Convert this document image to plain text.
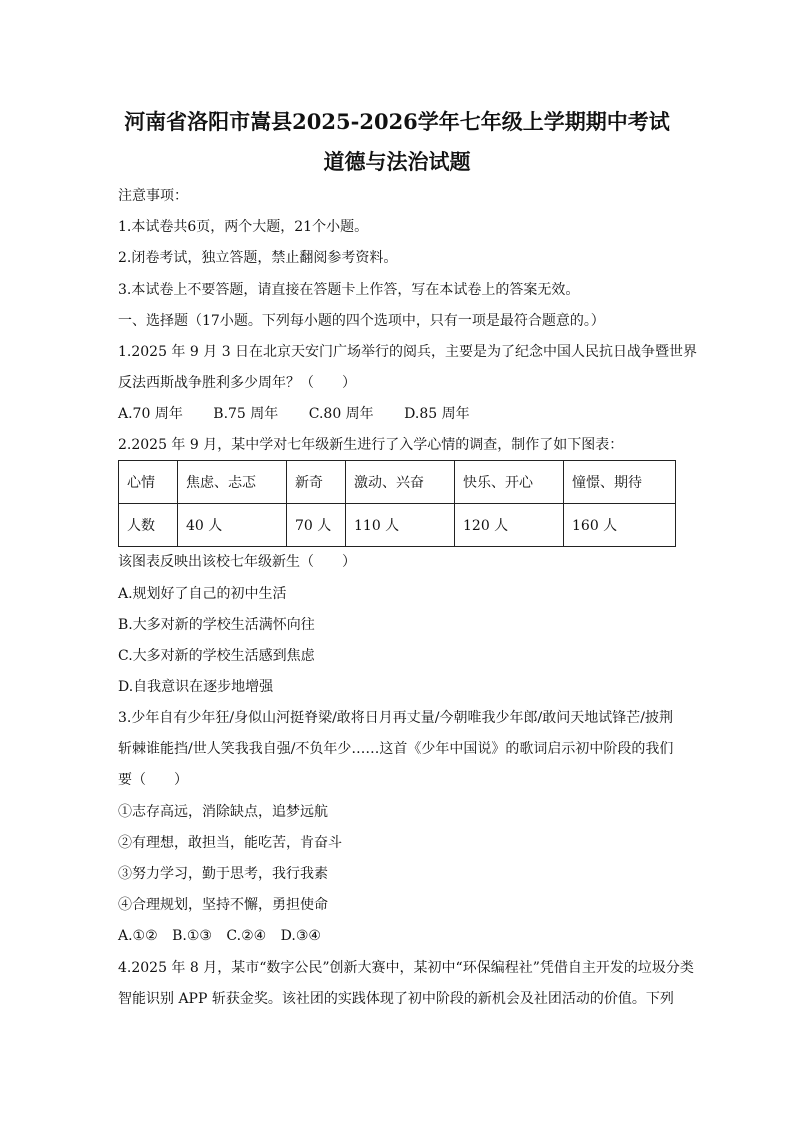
河南省洛阳市嵩县2025-2026学年七年级上学期期中考试
道德与法治试题
注意事项：
1.本试卷共6页，两个大题，21个小题。
2.闭卷考试，独立答题，禁止翻阅参考资料。
3.本试卷上不要答题，请直接在答题卡上作答，写在本试卷上的答案无效。
一、选择题（17小题。下列每小题的四个选项中，只有一项是最符合题意的。）
1.2025 年 9 月 3 日在北京天安门广场举行的阅兵，主要是为了纪念中国人民抗日战争暨世界
反法西斯战争胜利多少周年？（　　）
A.70 周年 B.75 周年 C.80 周年 D.85 周年
2.2025 年 9 月，某中学对七年级新生进行了入学心情的调查，制作了如下图表：
心情	焦虑、忐忑	新奇	激动、兴奋	快乐、开心	憧憬、期待
人数	40 人	70 人	110 人	120 人	160 人
该图表反映出该校七年级新生（　　）
A.规划好了自己的初中生活
B.大多对新的学校生活满怀向往
C.大多对新的学校生活感到焦虑
D.自我意识在逐步地增强
3.少年自有少年狂/身似山河挺脊梁/敢将日月再丈量/今朝唯我少年郎/敢问天地试锋芒/披荆
斩棘谁能挡/世人笑我我自强/不负年少……这首《少年中国说》的歌词启示初中阶段的我们
要（　　）
①志存高远，消除缺点，追梦远航
②有理想，敢担当，能吃苦，肯奋斗
③努力学习，勤于思考，我行我素
④合理规划，坚持不懈，勇担使命
A.①② B.①③ C.②④ D.③④
4.2025 年 8 月，某市“数字公民”创新大赛中，某初中“环保编程社”凭借自主开发的垃圾分类
智能识别 APP 斩获金奖。该社团的实践体现了初中阶段的新机会及社团活动的价值。下列
